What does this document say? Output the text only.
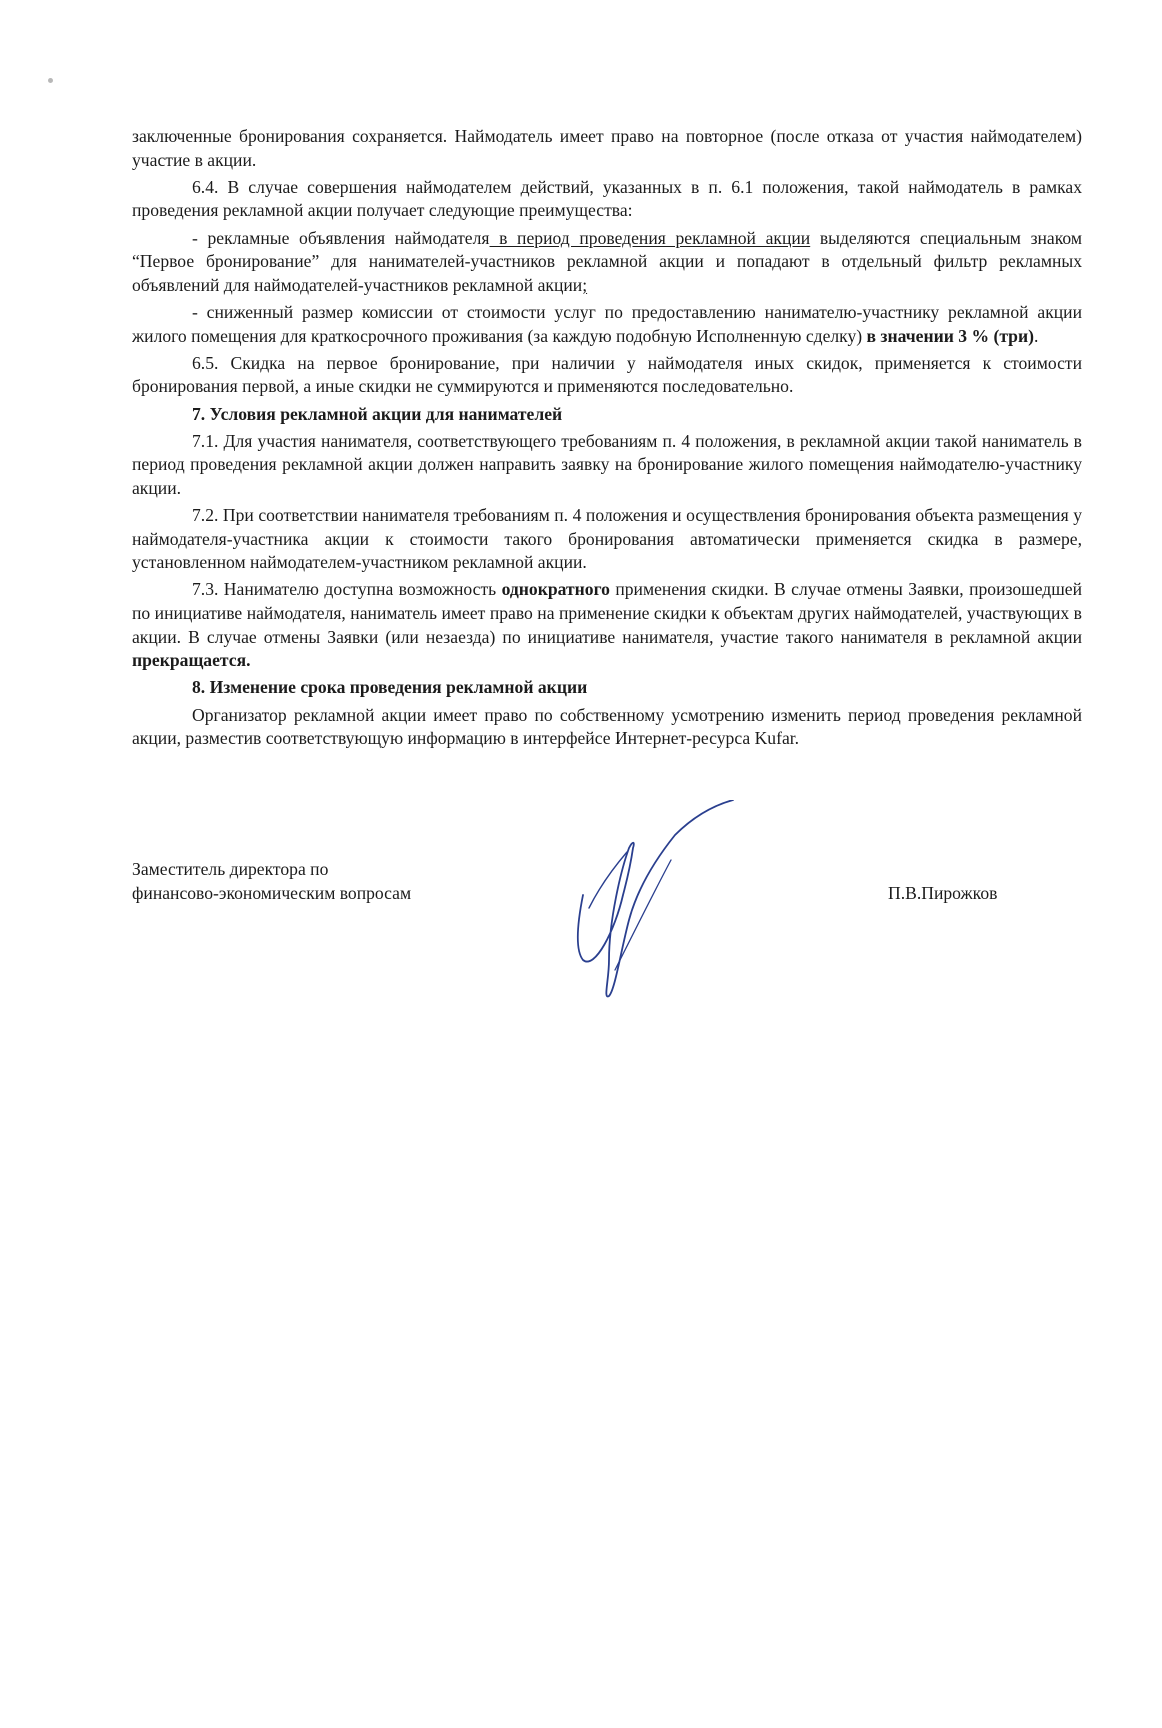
заключенные бронирования сохраняется. Наймодатель имеет право на повторное (после отказа от участия наймодателем) участие в акции.

6.4. В случае совершения наймодателем действий, указанных в п. 6.1 положения, такой наймодатель в рамках проведения рекламной акции получает следующие преимущества:

- рекламные объявления наймодателя в период проведения рекламной акции выделяются специальным знаком “Первое бронирование” для нанимателей-участников рекламной акции и попадают в отдельный фильтр рекламных объявлений для наймодателей-участников рекламной акции;

- сниженный размер комиссии от стоимости услуг по предоставлению нанимателю-участнику рекламной акции жилого помещения для краткосрочного проживания (за каждую подобную Исполненную сделку) в значении 3 % (три).

6.5. Скидка на первое бронирование, при наличии у наймодателя иных скидок, применяется к стоимости бронирования первой, а иные скидки не суммируются и применяются последовательно.

7. Условия рекламной акции для нанимателей

7.1. Для участия нанимателя, соответствующего требованиям п. 4 положения, в рекламной акции такой наниматель в период проведения рекламной акции должен направить заявку на бронирование жилого помещения наймодателю-участнику акции.

7.2. При соответствии нанимателя требованиям п. 4 положения и осуществления бронирования объекта размещения у наймодателя-участника акции к стоимости такого бронирования автоматически применяется скидка в размере, установленном наймодателем-участником рекламной акции.

7.3. Нанимателю доступна возможность однократного применения скидки. В случае отмены Заявки, произошедшей по инициативе наймодателя, наниматель имеет право на применение скидки к объектам других наймодателей, участвующих в акции. В случае отмены Заявки (или незаезда) по инициативе нанимателя, участие такого нанимателя в рекламной акции прекращается.

8. Изменение срока проведения рекламной акции

Организатор рекламной акции имеет право по собственному усмотрению изменить период проведения рекламной акции, разместив соответствующую информацию в интерфейсе Интернет-ресурса Kufar.

Заместитель директора по
финансово-экономическим вопросам	П.В.Пирожков
